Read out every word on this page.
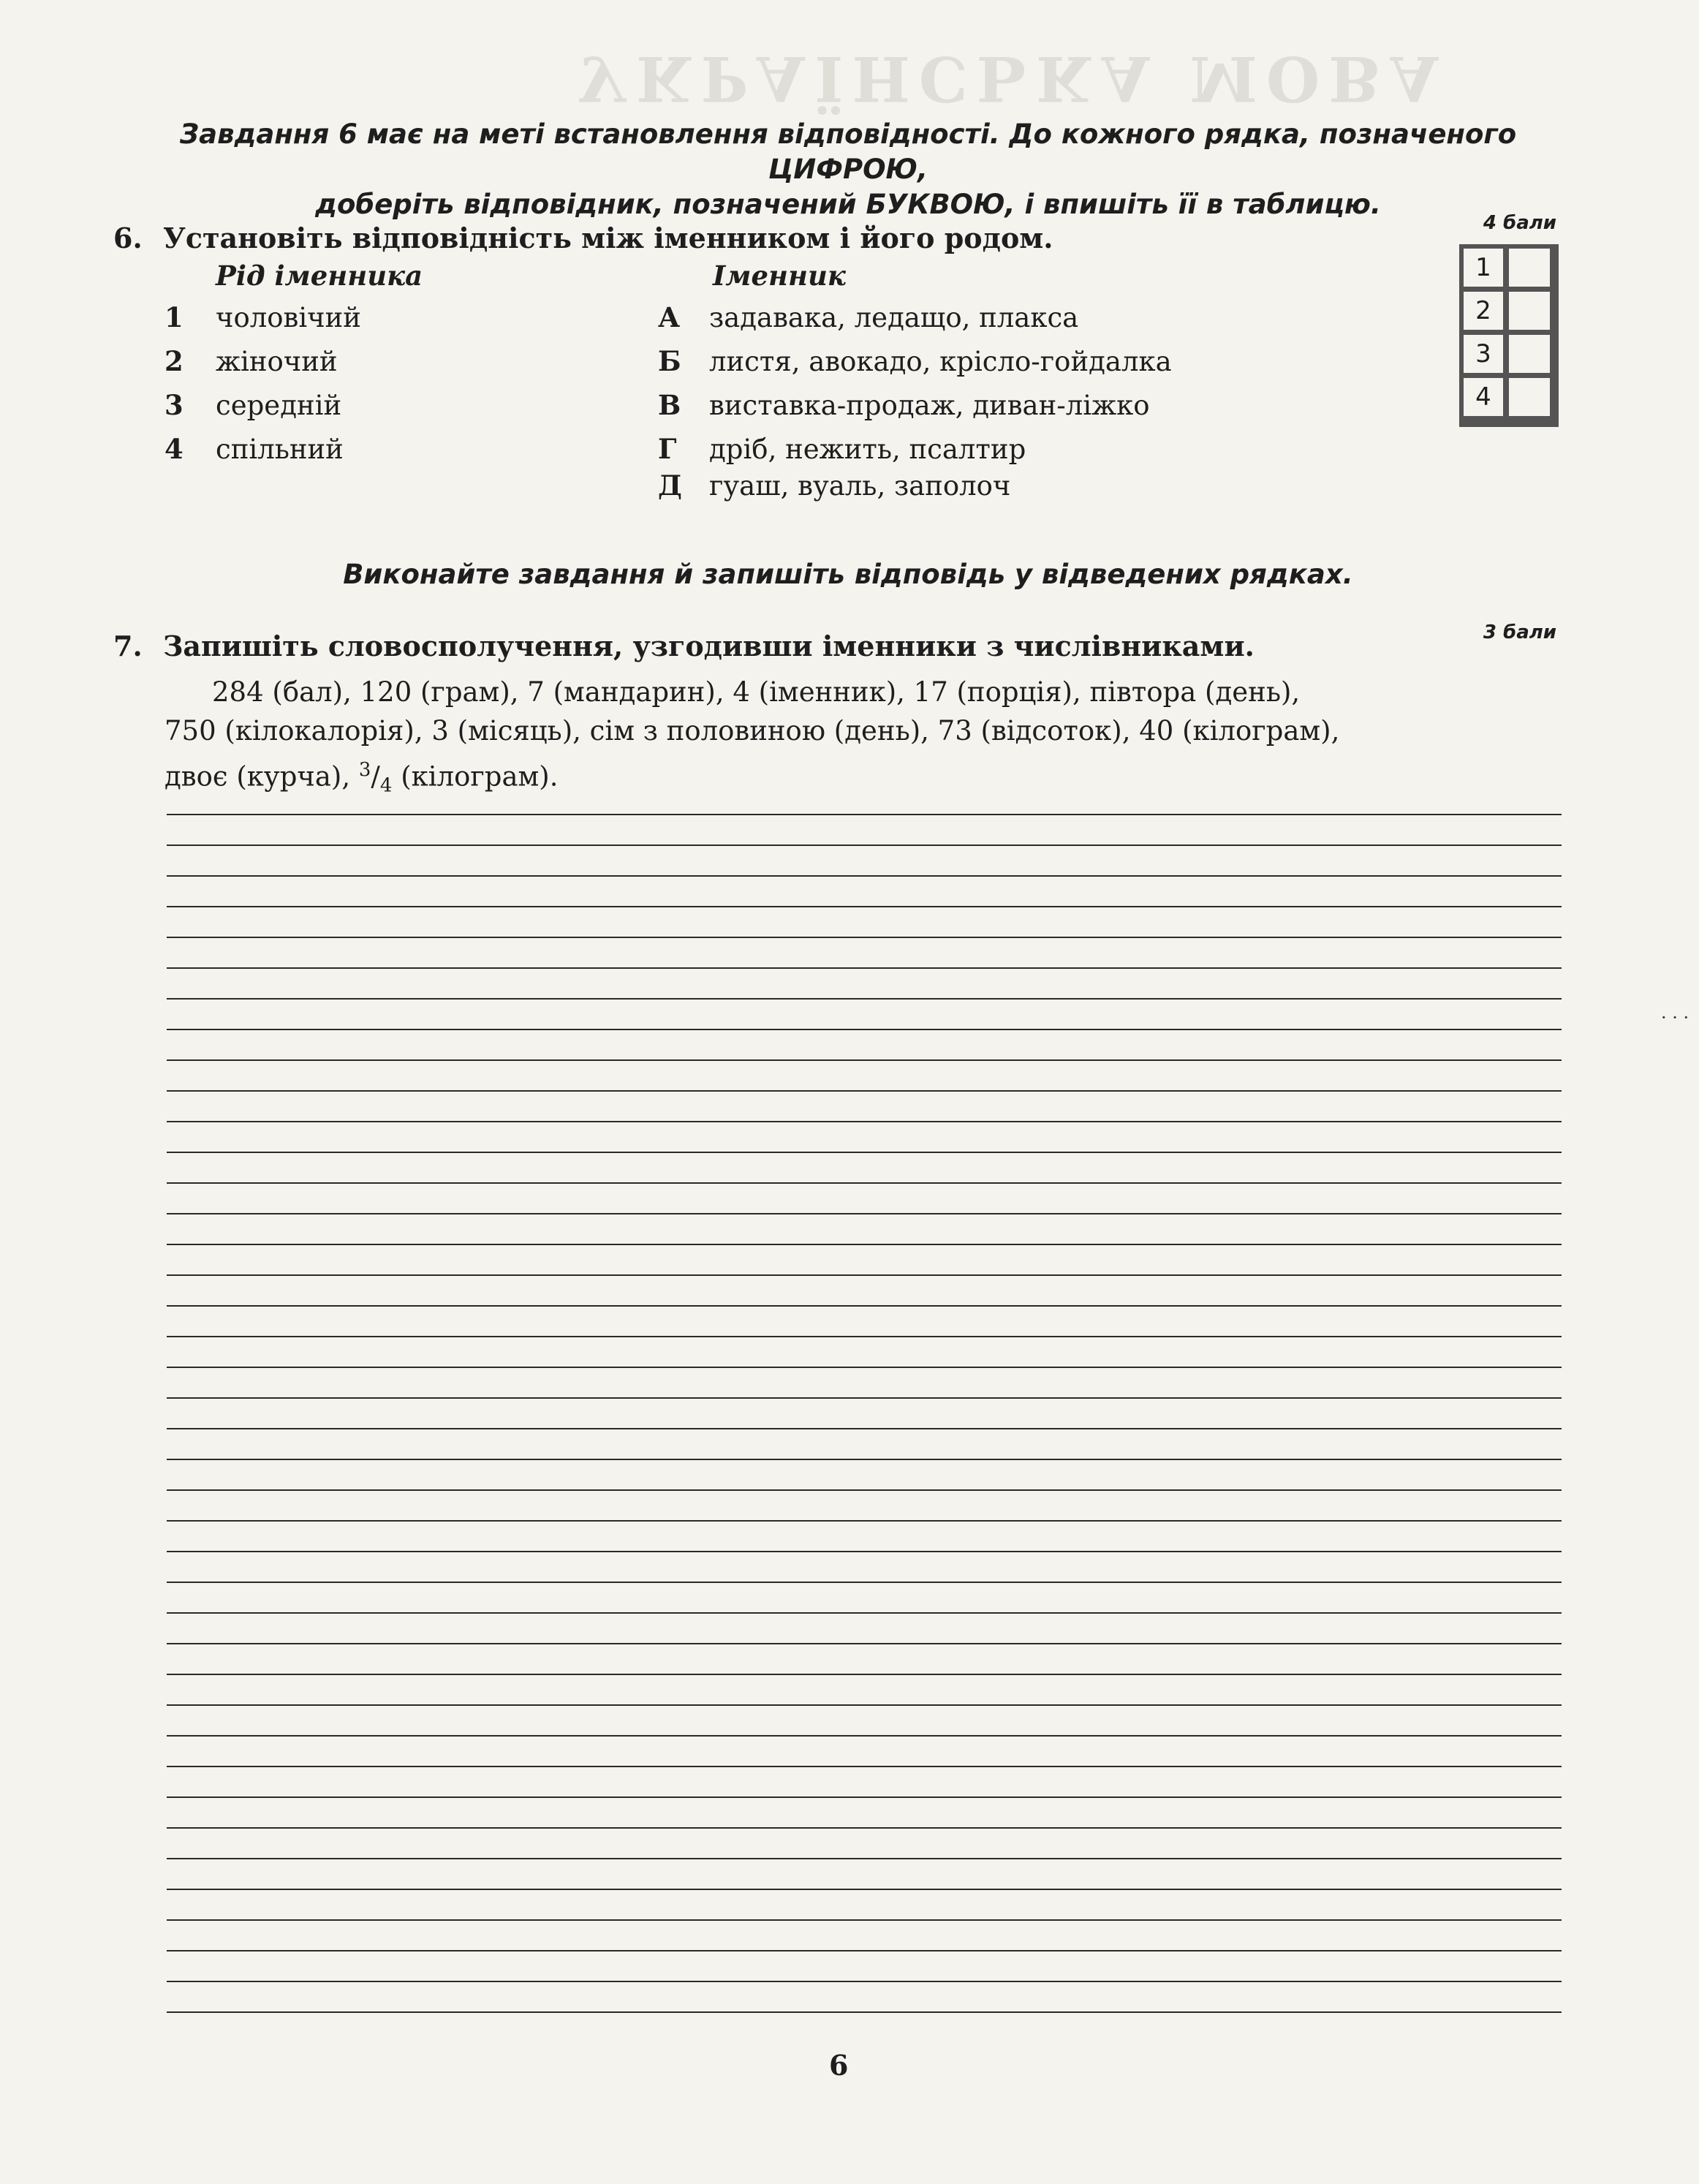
УКРАЇНСЬКА МОВА
Завдання 6 має на меті встановлення відповідності. До кожного рядка, позначеного ЦИФРОЮ,
доберіть відповідник, позначений БУКВОЮ, і впишіть її в таблицю.
6. Установіть відповідність між іменником і його родом.	4 бали
Рід іменника	Іменник
1 чоловічий
2 жіночий
3 середній
4 спільний
А задавака, ледащо, плакса
Б листя, авокадо, крісло-гойдалка
В виставка-продаж, диван-ліжко
Г дріб, нежить, псалтир
Д гуаш, вуаль, заполоч
1
2
3
4
Виконайте завдання й запишіть відповідь у відведених рядках.
7. Запишіть словосполучення, узгодивши іменники з числівниками.	3 бали
284 (бал), 120 (грам), 7 (мандарин), 4 (іменник), 17 (порція), півтора (день),
750 (кілокалорія), 3 (місяць), сім з половиною (день), 73 (відсоток), 40 (кілограм),
двоє (курча), $^3/_4$ (кілограм).
· · ·
6
